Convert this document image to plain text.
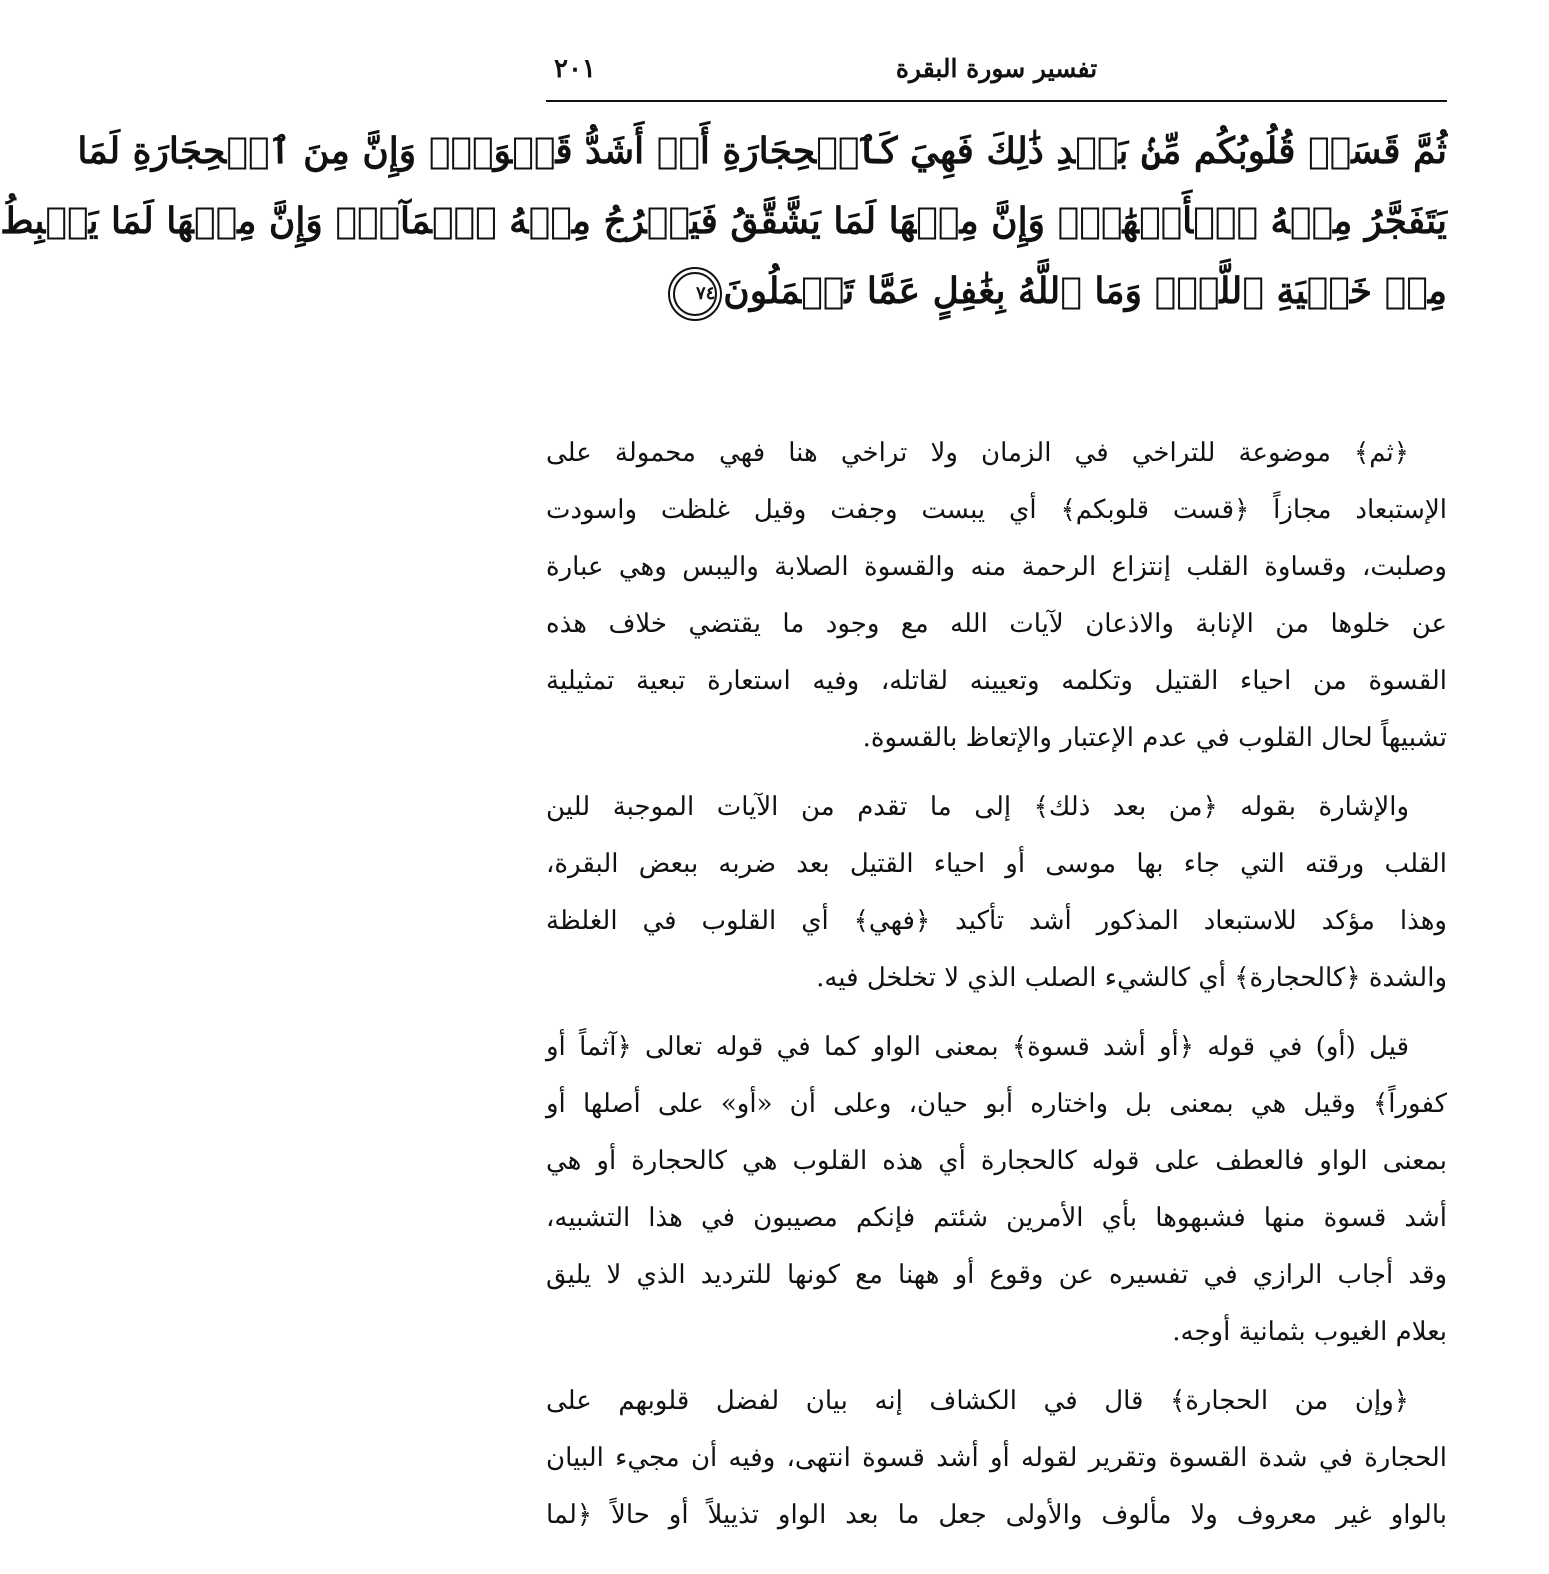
٢٠١	تفسير سورة البقرة
ثُمَّ قَسَتۡ قُلُوبُكُم مِّنۢ بَعۡدِ ذَٰلِكَ فَهِيَ كَٱلۡحِجَارَةِ أَوۡ أَشَدُّ قَسۡوَةٗۚ وَإِنَّ مِنَ ٱلۡحِجَارَةِ لَمَا
يَتَفَجَّرُ مِنۡهُ ٱلۡأَنۡهَٰرُۚ وَإِنَّ مِنۡهَا لَمَا يَشَّقَّقُ فَيَخۡرُجُ مِنۡهُ ٱلۡمَآءُۚ وَإِنَّ مِنۡهَا لَمَا يَهۡبِطُ
مِنۡ خَشۡيَةِ ٱللَّهِۗ وَمَا ٱللَّهُ بِغَٰفِلٍ عَمَّا تَعۡمَلُونَ٧٤
﴿ثم﴾ موضوعة للتراخي في الزمان ولا تراخي هنا فهي محمولة على
الإستبعاد مجازاً ﴿قست قلوبكم﴾ أي يبست وجفت وقيل غلظت واسودت
وصلبت، وقساوة القلب إنتزاع الرحمة منه والقسوة الصلابة واليبس وهي عبارة
عن خلوها من الإنابة والاذعان لآيات الله مع وجود ما يقتضي خلاف هذه
القسوة من احياء القتيل وتكلمه وتعيينه لقاتله، وفيه استعارة تبعية تمثيلية
تشبيهاً لحال القلوب في عدم الإعتبار والإتعاظ بالقسوة.
والإشارة بقوله ﴿من بعد ذلك﴾ إلى ما تقدم من الآيات الموجبة للين
القلب ورقته التي جاء بها موسى أو احياء القتيل بعد ضربه ببعض البقرة،
وهذا مؤكد للاستبعاد المذكور أشد تأكيد ﴿فهي﴾ أي القلوب في الغلظة
والشدة ﴿كالحجارة﴾ أي كالشيء الصلب الذي لا تخلخل فيه.
قيل (أو) في قوله ﴿أو أشد قسوة﴾ بمعنى الواو كما في قوله تعالى ﴿آثماً أو
كفوراً﴾ وقيل هي بمعنى بل واختاره أبو حيان، وعلى أن «أو» على أصلها أو
بمعنى الواو فالعطف على قوله كالحجارة أي هذه القلوب هي كالحجارة أو هي
أشد قسوة منها فشبهوها بأي الأمرين شئتم فإنكم مصيبون في هذا التشبيه،
وقد أجاب الرازي في تفسيره عن وقوع أو ههنا مع كونها للترديد الذي لا يليق
بعلام الغيوب بثمانية أوجه.
﴿وإن من الحجارة﴾ قال في الكشاف إنه بيان لفضل قلوبهم على
الحجارة في شدة القسوة وتقرير لقوله أو أشد قسوة انتهى، وفيه أن مجيء البيان
بالواو غير معروف ولا مألوف والأولى جعل ما بعد الواو تذييلاً أو حالاً ﴿لما
